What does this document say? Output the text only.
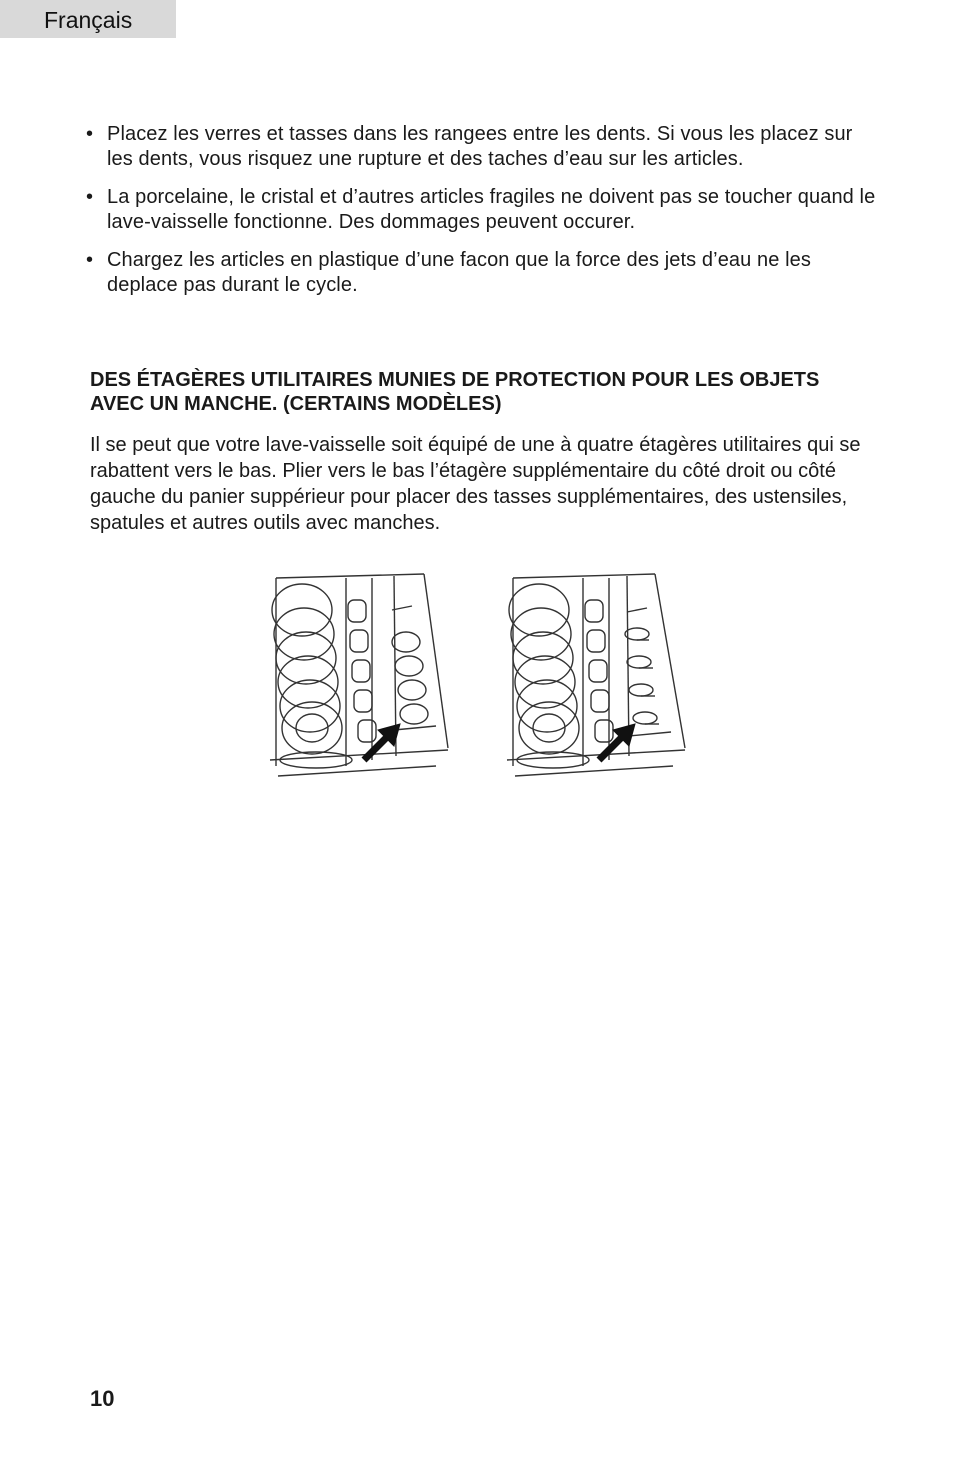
Français
• Placez les verres et tasses dans les rangees entre les dents. Si vous les placez sur les dents, vous risquez une rupture et des taches d’eau sur les articles.
• La porcelaine, le cristal et d’autres articles fragiles ne doivent pas se toucher quand le lave-vaisselle fonctionne. Des dommages peuvent occurer.
• Chargez les articles en plastique d’une facon que la force des jets d’eau ne les deplace pas durant le cycle.
DES ÉTAGÈRES UTILITAIRES MUNIES DE PROTECTION POUR LES OBJETS AVEC UN MANCHE. (CERTAINS MODÈLES)

Il se peut que votre lave-vaisselle soit équipé de une à quatre étagères utilitaires qui se rabattent vers le bas. Plier vers le bas l’étagère supplémentaire du côté droit ou côté gauche du panier suppérieur pour placer des tasses supplémentaires, des ustensiles, spatules et autres outils avec manches.

10
